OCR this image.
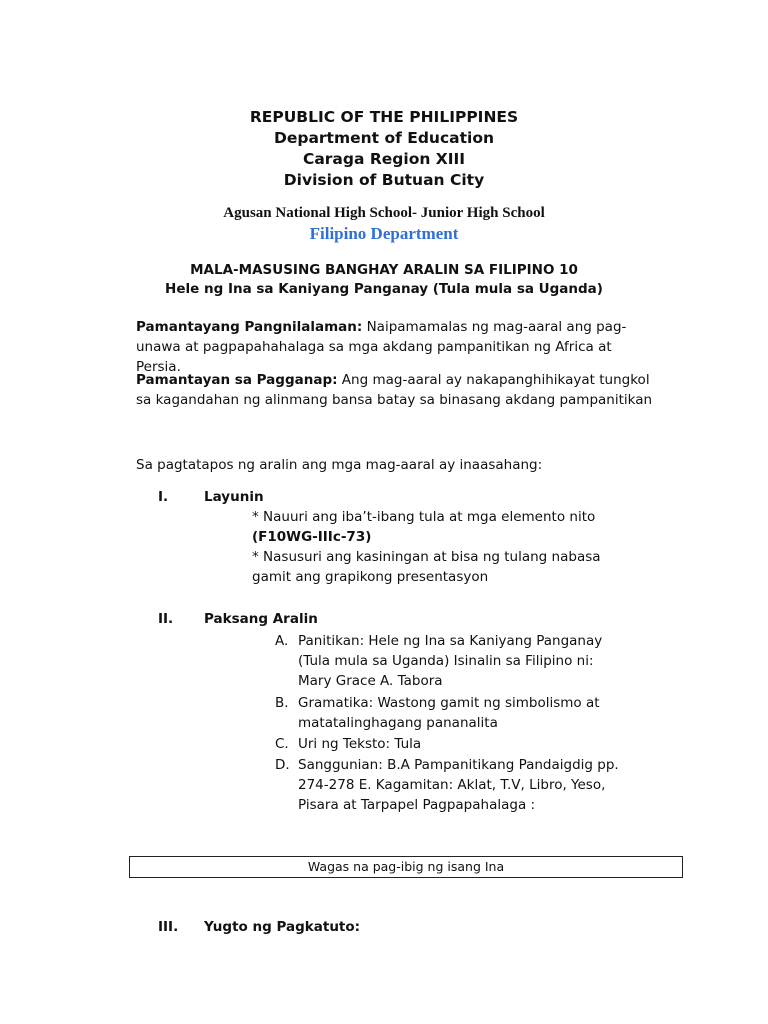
REPUBLIC OF THE PHILIPPINES
Department of Education
Caraga Region XIII
Division of Butuan City
Agusan National High School- Junior High School
Filipino Department
MALA-MASUSING BANGHAY ARALIN SA FILIPINO 10
Hele ng Ina sa Kaniyang Panganay (Tula mula sa Uganda)
Pamantayang Pangnilalaman: Naipamamalas ng mag-aaral ang pag-unawa at pagpapahahalaga sa mga akdang pampanitikan ng Africa at Persia.
Pamantayan sa Pagganap: Ang mag-aaral ay nakapanghihikayat tungkol sa kagandahan ng alinmang bansa batay sa binasang akdang pampanitikan
Sa pagtatapos ng aralin ang mga mag-aaral ay inaasahang:
I.	Layunin
* Nauuri ang iba’t-ibang tula at mga elemento nito
(F10WG-IIIc-73)
* Nasusuri ang kasiningan at bisa ng tulang nabasa gamit ang grapikong presentasyon
II. Paksang Aralin
A. Panitikan: Hele ng Ina sa Kaniyang Panganay (Tula mula sa Uganda) Isinalin sa Filipino ni: Mary Grace A. Tabora
B. Gramatika: Wastong gamit ng simbolismo at matatalinghagang pananalita
C. Uri ng Teksto: Tula
D. Sanggunian: B.A Pampanitikang Pandaigdig pp. 274-278 E. Kagamitan: Aklat, T.V, Libro, Yeso, Pisara at Tarpapel Pagpapahalaga :
Wagas na pag-ibig ng isang Ina
III. Yugto ng Pagkatuto:
